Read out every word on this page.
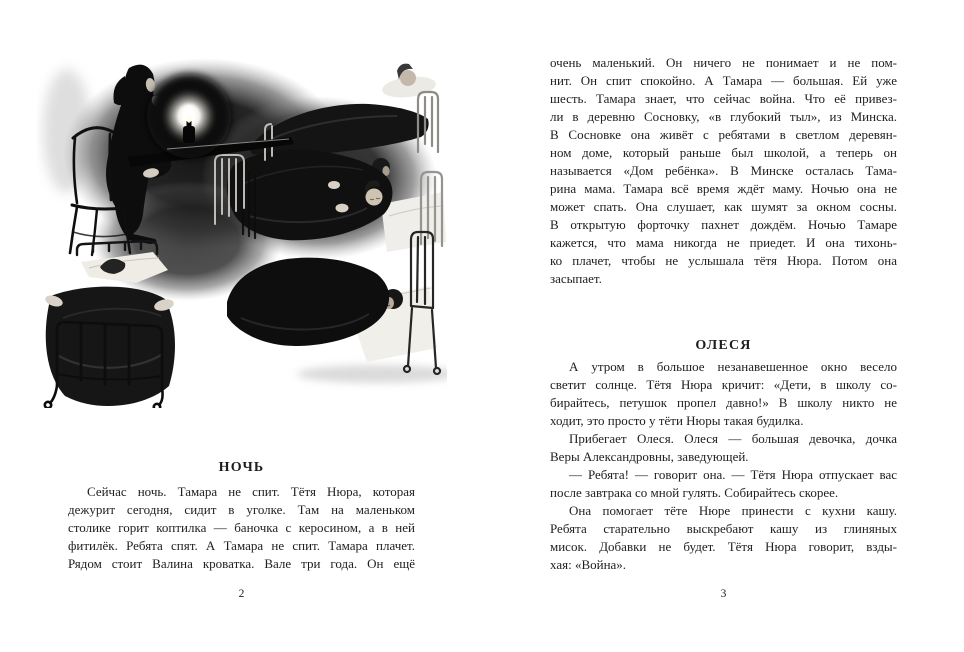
НОЧЬ
Сейчас ночь. Тамара не спит. Тётя Нюра, которая
дежурит сегодня, сидит в уголке. Там на маленьком
столике горит коптилка — баночка с керосином, а в ней
фитилёк. Ребята спят. А Тамара не спит. Тамара плачет.
Рядом стоит Валина кроватка. Вале три года. Он ещё
2
очень маленький. Он ничего не понимает и не пом-
нит. Он спит спокойно. А Тамара — большая. Ей уже
шесть. Тамара знает, что сейчас война. Что её привез-
ли в деревню Сосновку, «в глубокий тыл», из Минска.
В Сосновке она живёт с ребятами в светлом деревян-
ном доме, который раньше был школой, а теперь он
называется «Дом ребёнка». В Минске осталась Тама-
рина мама. Тамара всё время ждёт маму. Ночью она не
может спать. Она слушает, как шумят за окном сосны.
В открытую форточку пахнет дождём. Ночью Тамаре
кажется, что мама никогда не приедет. И она тихонь-
ко плачет, чтобы не услышала тётя Нюра. Потом она
засыпает.
ОЛЕСЯ
А утром в большое незанавешенное окно весело
светит солнце. Тётя Нюра кричит: «Дети, в школу со-
бирайтесь, петушок пропел давно!» В школу никто не
ходит, это просто у тёти Нюры такая будилка.
Прибегает Олеся. Олеся — большая девочка, дочка
Веры Александровны, заведующей.
— Ребята! — говорит она. — Тётя Нюра отпускает вас
после завтрака со мной гулять. Собирайтесь скорее.
Она помогает тёте Нюре принести с кухни кашу.
Ребята старательно выскребают кашу из глиняных
мисок. Добавки не будет. Тётя Нюра говорит, взды-
хая: «Война».
3
